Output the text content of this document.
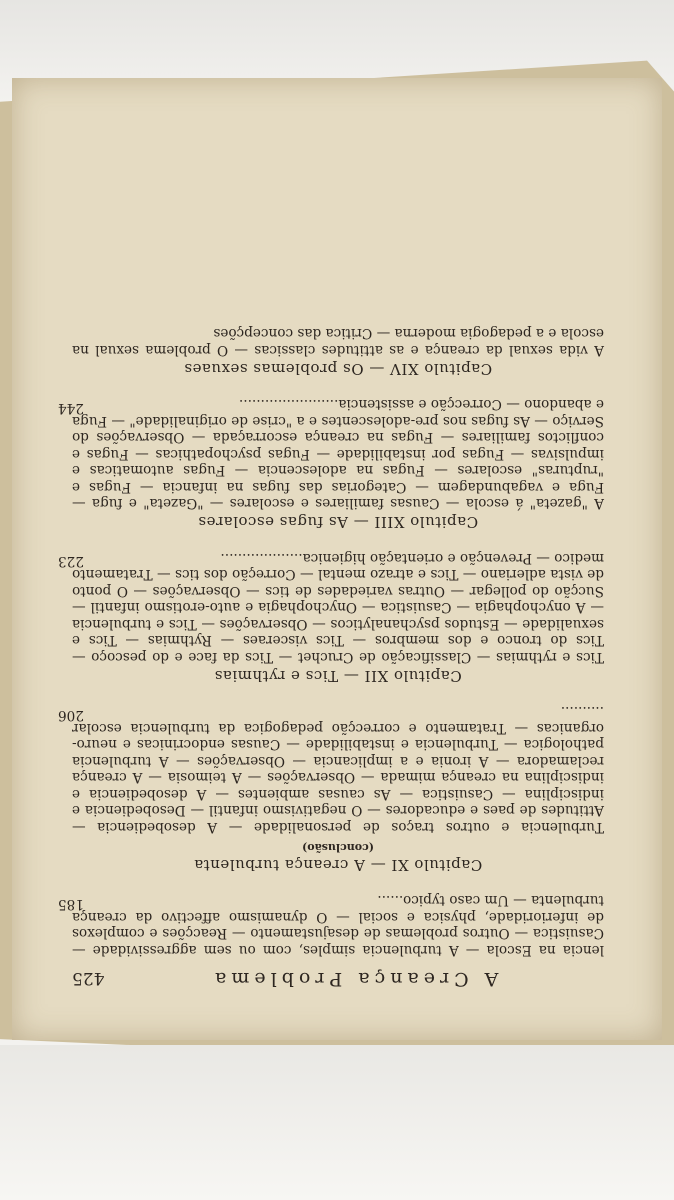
A Creança Problema
425

lencia na Escola — A turbulencia simples, com ou sem aggressividade — Casuistica — Outros problemas de desajustamento — Reacções e complexos de inferioridade, physica e social — O dynamismo affectivo da creança turbulenta — Um caso typico......

185
Capitulo XI — A creança turbulenta
(conclusão)

Turbulencia e outros traços de personalidade — A desobediencia — Attitudes de paes e educadores — O negativismo infantil — Desobediencia e indisciplina — Casuistica — As causas ambientes — A desobediencia e indisciplina na creança mimada — Observações — A teimosia — A creança reclamadora — A ironia e a implicancia — Observações — A turbulencia pathologica — Turbulencia e instabilidade — Causas endocrinicas e neuro-organicas — Tratamento e correcção pedagogica da turbulencia escolar ..........

206
Capitulo XII — Tics e rythmias

Tics e rythmias — Classificação de Cruchet — Tics da face e do pescoço — Tics do tronco e dos membros — Tics visceraes — Rythmias — Tics e sexualidade — Estudos psychanalyticos — Observações — Tics e turbulencia — A onychophagia — Casuistica — Onychophagia e auto-erotismo infantil — Sucção do pollegar — Outras variedades de tics — Observações — O ponto de vista adleriano — Tics e atrazo mental — Correção dos tics — Tratamento medico — Prevenção e orientação higienica...................

223
Capitulo XIII — As fugas escolares

A "gazeta" á escola — Causas familiares e escolares — "Gazeta" e fuga — Fuga e vagabundagem — Categorias das fugas na infancia — Fugas e "rupturas" escolares — Fugas na adolescencia — Fugas automaticas e impulsivas — Fugas por instabilidade — Fugas psychopathicas — Fugas e conflictos familiares — Fugas na creança escorraçada — Observações do Serviço — As fugas nos pre-adolescentes e a "crise de originalidade" — Fuga e abandono — Correcção e assistencia.......................

244
Capitulo XIV — Os problemas sexuaes

A vida sexual da creança e as attitudes classicas — O problema sexual na escola e a pedagogia moderna — Critica das concepções
